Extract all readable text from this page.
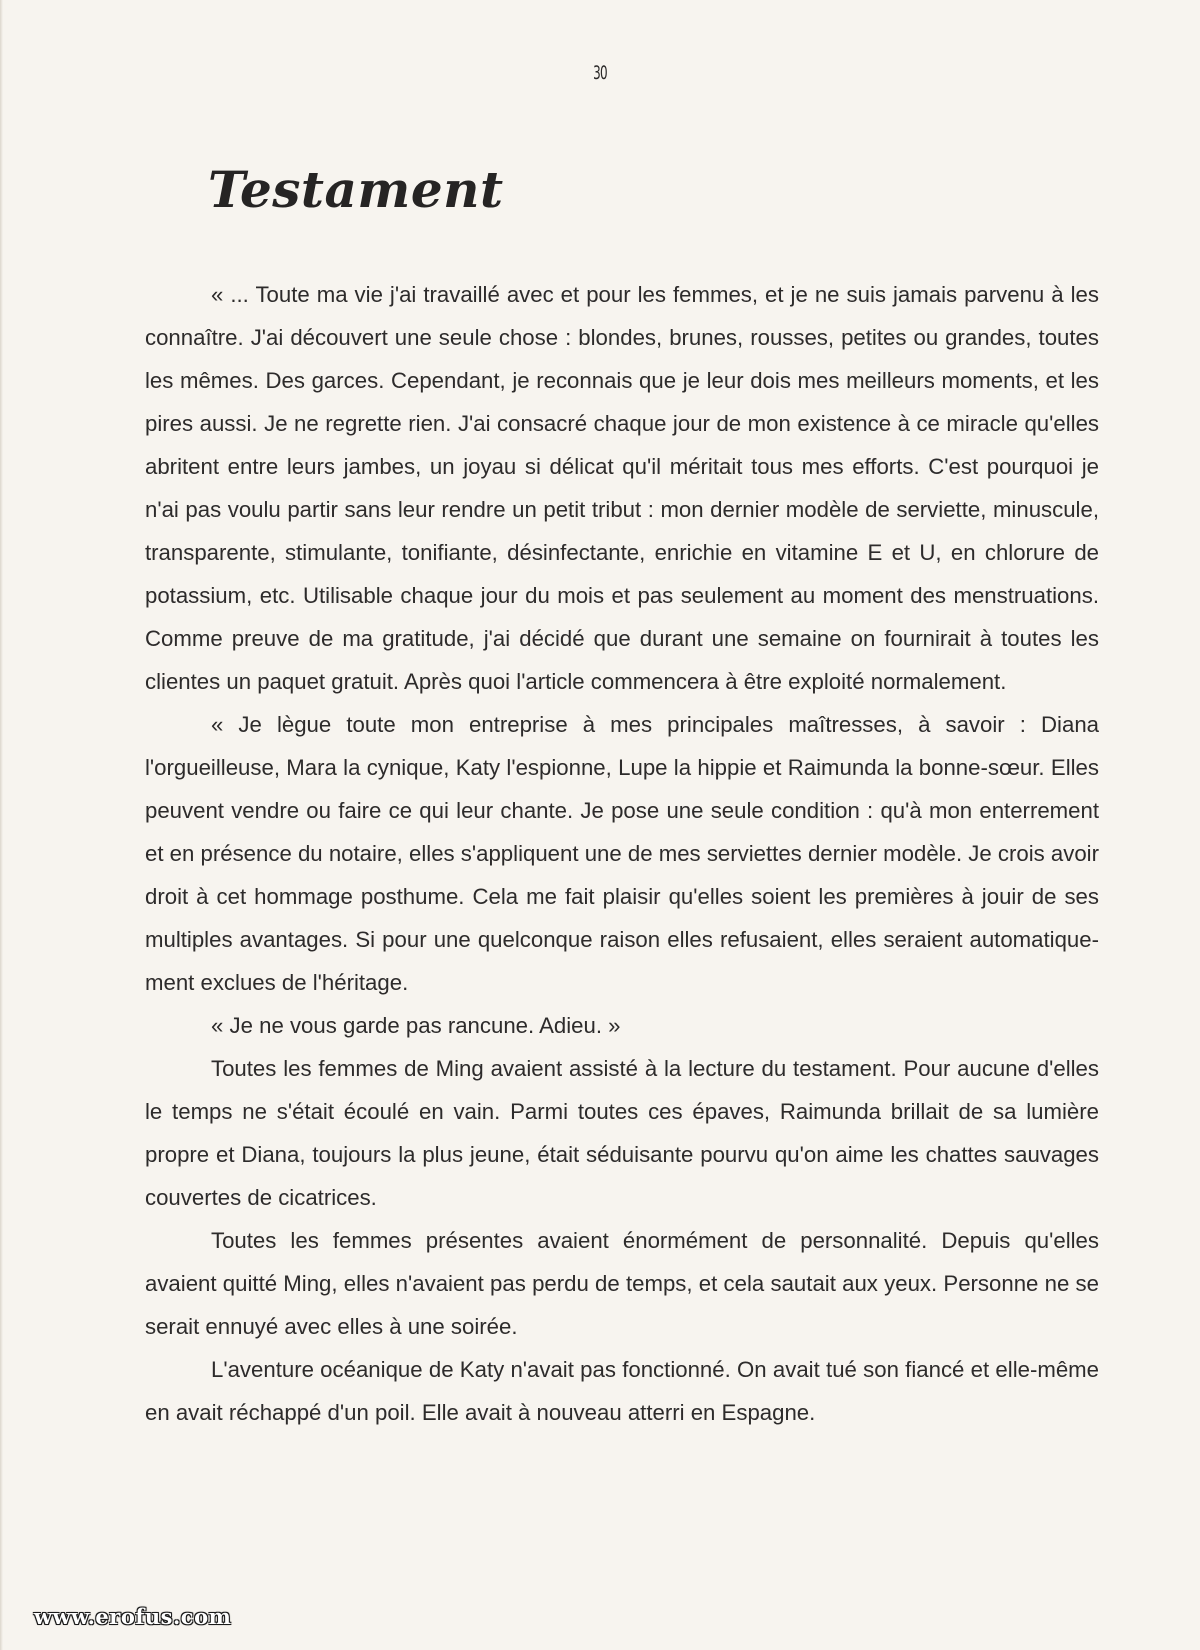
30
Testament

« ... Toute ma vie j'ai travaillé avec et pour les femmes, et je ne suis jamais parvenu à les connaître. J'ai découvert une seule chose : blondes, brunes, rousses, petites ou grandes, toutes les mêmes. Des garces. Cependant, je reconnais que je leur dois mes meilleurs moments, et les pires aussi. Je ne regrette rien. J'ai consacré chaque jour de mon existence à ce miracle qu'elles abritent entre leurs jambes, un joyau si délicat qu'il méritait tous mes efforts. C'est pourquoi je n'ai pas voulu partir sans leur rendre un petit tribut : mon dernier modèle de serviette, minuscule, transparente, stimulante, tonifiante, désinfectante, enrichie en vitamine E et U, en chlorure de potassium, etc. Utilisable chaque jour du mois et pas seulement au moment des menstruations. Comme preuve de ma gratitude, j'ai décidé que durant une semaine on fournirait à toutes les clientes un paquet gratuit. Après quoi l'article commencera à être exploité normalement.

« Je lègue toute mon entreprise à mes principales maîtresses, à savoir : Diana l'orgueilleuse, Mara la cynique, Katy l'espionne, Lupe la hippie et Raimunda la bonne-sœur. Elles peuvent vendre ou faire ce qui leur chante. Je pose une seule condition : qu'à mon enterrement et en présence du notaire, elles s'appliquent une de mes serviettes dernier modèle. Je crois avoir droit à cet hommage posthume. Cela me fait plaisir qu'elles soient les premières à jouir de ses multiples avantages. Si pour une quelconque raison elles refusaient, elles seraient automatiquement exclues de l'héritage.

« Je ne vous garde pas rancune. Adieu. »

Toutes les femmes de Ming avaient assisté à la lecture du testament. Pour aucune d'elles le temps ne s'était écoulé en vain. Parmi toutes ces épaves, Raimunda brillait de sa lumière propre et Diana, toujours la plus jeune, était séduisante pourvu qu'on aime les chattes sauvages couvertes de cicatrices.

Toutes les femmes présentes avaient énormément de personnalité. Depuis qu'elles avaient quitté Ming, elles n'avaient pas perdu de temps, et cela sautait aux yeux. Personne ne se serait ennuyé avec elles à une soirée.

L'aventure océanique de Katy n'avait pas fonctionné. On avait tué son fiancé et elle-même en avait réchappé d'un poil. Elle avait à nouveau atterri en Espagne.

www.erofus.com
